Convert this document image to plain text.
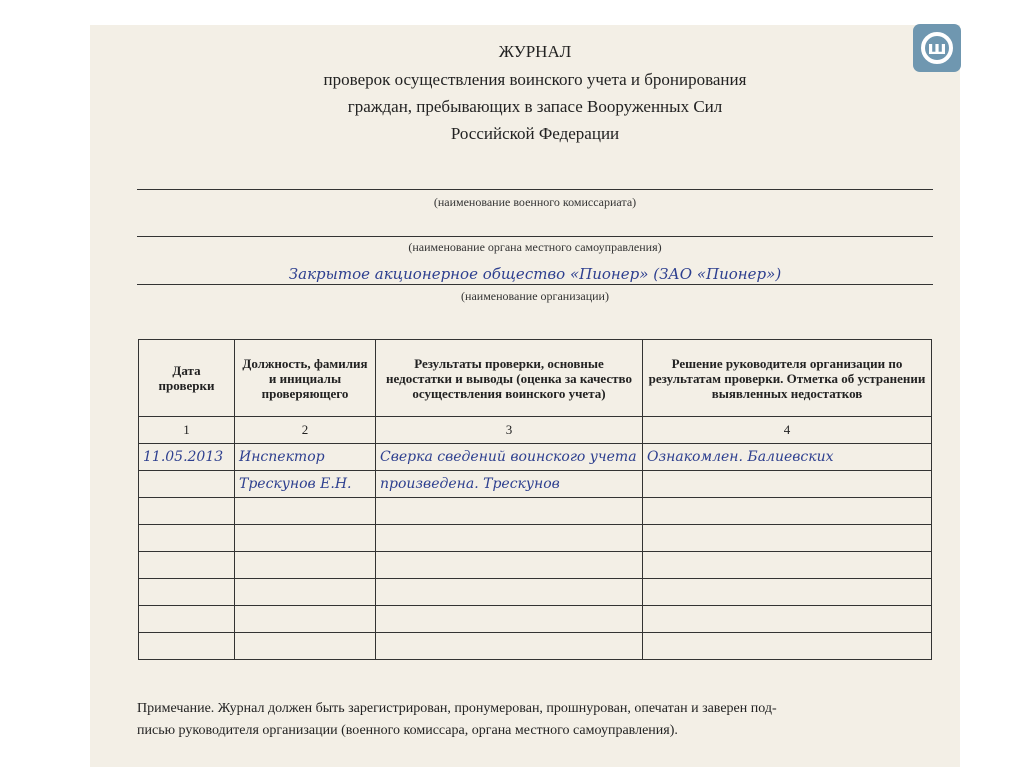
ш
ЖУРНАЛ
проверок осуществления воинского учета и бронирования
граждан, пребывающих в запасе Вооруженных Сил
Российской Федерации
(наименование военного комиссариата)
(наименование органа местного самоуправления)
Закрытое акционерное общество «Пионер» (ЗАО «Пионер»)
(наименование организации)
Дата проверки	Должность, фамилия и инициалы проверяющего	Результаты проверки, основные недостатки и выводы (оценка за качество осуществления воинского учета)	Решение руководителя организации по результатам проверки. Отметка об устранении выявленных недостатков
1	2	3	4
11.05.2013	Инспектор	Сверка сведений воинского учета	Ознакомлен. Балиевских
	Трескунов Е.Н.	произведена. Трескунов	

Примечание. Журнал должен быть зарегистрирован, пронумерован, прошнурован, опечатан и заверен под-
писью руководителя организации (военного комиссара, органа местного самоуправления).
